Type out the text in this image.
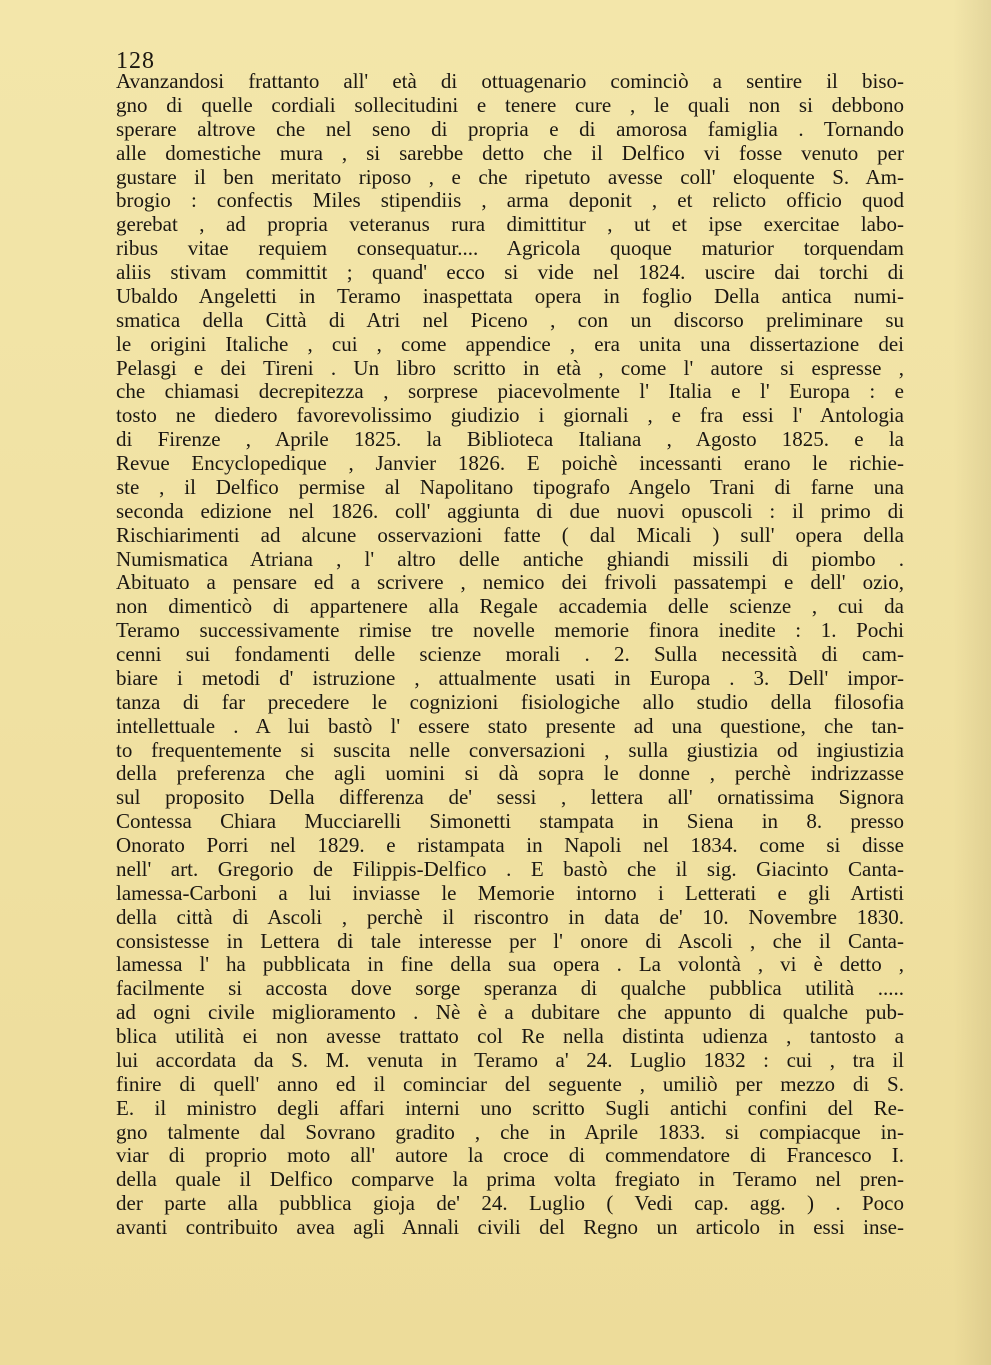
128
Avanzandosi frattanto all' età di ottuagenario cominciò a sentire il biso-
gno di quelle cordiali sollecitudini e tenere cure , le quali non si debbono
sperare altrove che nel seno di propria e di amorosa famiglia . Tornando
alle domestiche mura , si sarebbe detto che il Delfico vi fosse venuto per
gustare il ben meritato riposo , e che ripetuto avesse coll' eloquente S. Am-
brogio : confectis Miles stipendiis , arma deponit , et relicto officio quod
gerebat , ad propria veteranus rura dimittitur , ut et ipse exercitae labo-
ribus vitae requiem consequatur.... Agricola quoque maturior torquendam
aliis stivam committit ; quand' ecco si vide nel 1824. uscire dai torchi di
Ubaldo Angeletti in Teramo inaspettata opera in foglio Della antica numi-
smatica della Città di Atri nel Piceno , con un discorso preliminare su
le origini Italiche , cui , come appendice , era unita una dissertazione dei
Pelasgi e dei Tireni . Un libro scritto in età , come l' autore si espresse ,
che chiamasi decrepitezza , sorprese piacevolmente l' Italia e l' Europa : e
tosto ne diedero favorevolissimo giudizio i giornali , e fra essi l' Antologia
di Firenze , Aprile 1825. la Biblioteca Italiana , Agosto 1825. e la
Revue Encyclopedique , Janvier 1826. E poichè incessanti erano le richie-
ste , il Delfico permise al Napolitano tipografo Angelo Trani di farne una
seconda edizione nel 1826. coll' aggiunta di due nuovi opuscoli : il primo di
Rischiarimenti ad alcune osservazioni fatte ( dal Micali ) sull' opera della
Numismatica Atriana , l' altro delle antiche ghiandi missili di piombo .
Abituato a pensare ed a scrivere , nemico dei frivoli passatempi e dell' ozio,
non dimenticò di appartenere alla Regale accademia delle scienze , cui da
Teramo successivamente rimise tre novelle memorie finora inedite : 1. Pochi
cenni sui fondamenti delle scienze morali . 2. Sulla necessità di cam-
biare i metodi d' istruzione , attualmente usati in Europa . 3. Dell' impor-
tanza di far precedere le cognizioni fisiologiche allo studio della filosofia
intellettuale . A lui bastò l' essere stato presente ad una questione, che tan-
to frequentemente si suscita nelle conversazioni , sulla giustizia od ingiustizia
della preferenza che agli uomini si dà sopra le donne , perchè indrizzasse
sul proposito Della differenza de' sessi , lettera all' ornatissima Signora
Contessa Chiara Mucciarelli Simonetti stampata in Siena in 8. presso
Onorato Porri nel 1829. e ristampata in Napoli nel 1834. come si disse
nell' art. Gregorio de Filippis-Delfico . E bastò che il sig. Giacinto Canta-
lamessa-Carboni a lui inviasse le Memorie intorno i Letterati e gli Artisti
della città di Ascoli , perchè il riscontro in data de' 10. Novembre 1830.
consistesse in Lettera di tale interesse per l' onore di Ascoli , che il Canta-
lamessa l' ha pubblicata in fine della sua opera . La volontà , vi è detto ,
facilmente si accosta dove sorge speranza di qualche pubblica utilità .....
ad ogni civile miglioramento . Nè è a dubitare che appunto di qualche pub-
blica utilità ei non avesse trattato col Re nella distinta udienza , tantosto a
lui accordata da S. M. venuta in Teramo a' 24. Luglio 1832 : cui , tra il
finire di quell' anno ed il cominciar del seguente , umiliò per mezzo di S.
E. il ministro degli affari interni uno scritto Sugli antichi confini del Re-
gno talmente dal Sovrano gradito , che in Aprile 1833. si compiacque in-
viar di proprio moto all' autore la croce di commendatore di Francesco I.
della quale il Delfico comparve la prima volta fregiato in Teramo nel pren-
der parte alla pubblica gioja de' 24. Luglio ( Vedi cap. agg. ) . Poco
avanti contribuito avea agli Annali civili del Regno un articolo in essi inse-
